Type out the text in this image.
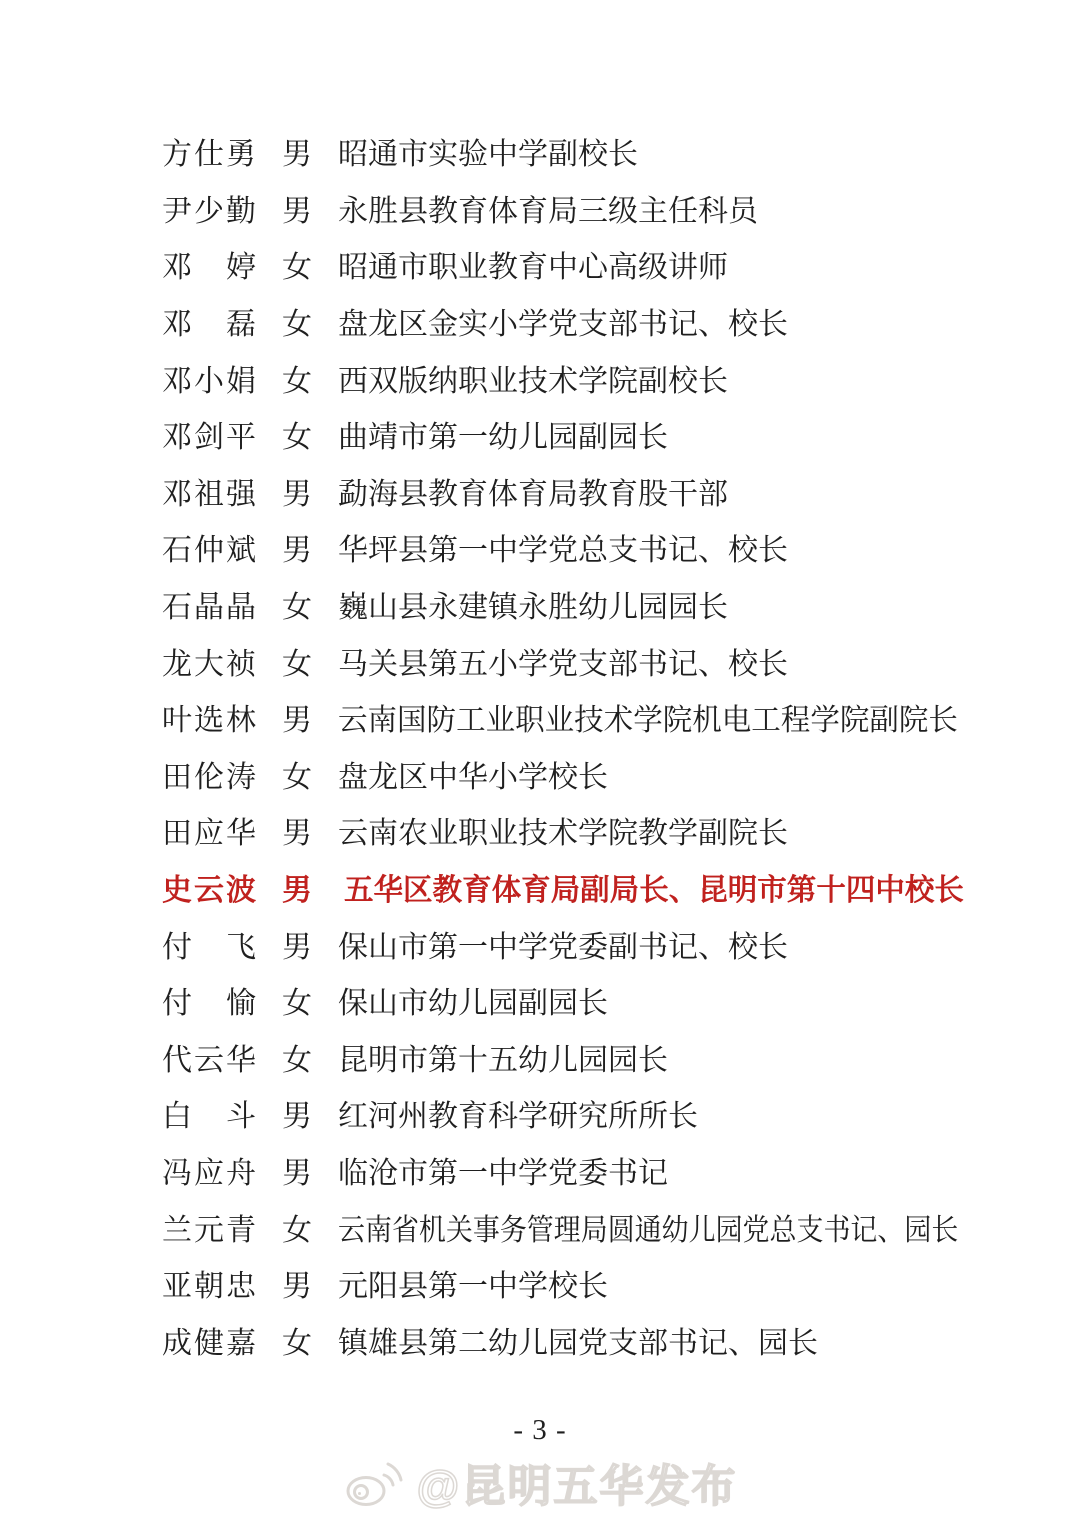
方仕勇 男 昭通市实验中学副校长
尹少勤 男 永胜县教育体育局三级主任科员
邓婷 女 昭通市职业教育中心高级讲师
邓磊 女 盘龙区金实小学党支部书记、校长
邓小娟 女 西双版纳职业技术学院副校长
邓剑平 女 曲靖市第一幼儿园副园长
邓祖强 男 勐海县教育体育局教育股干部
石仲斌 男 华坪县第一中学党总支书记、校长
石晶晶 女 巍山县永建镇永胜幼儿园园长
龙大祯 女 马关县第五小学党支部书记、校长
叶选林 男 云南国防工业职业技术学院机电工程学院副院长
田伦涛 女 盘龙区中华小学校长
田应华 男 云南农业职业技术学院教学副院长
史云波 男 五华区教育体育局副局长、昆明市第十四中校长
付飞 男 保山市第一中学党委副书记、校长
付愉 女 保山市幼儿园副园长
代云华 女 昆明市第十五幼儿园园长
白斗 男 红河州教育科学研究所所长
冯应舟 男 临沧市第一中学党委书记
兰元青 女 云南省机关事务管理局圆通幼儿园党总支书记、园长
亚朝忠 男 元阳县第一中学校长
成健嘉 女 镇雄县第二幼儿园党支部书记、园长
- 3 -
@昆明五华发布
